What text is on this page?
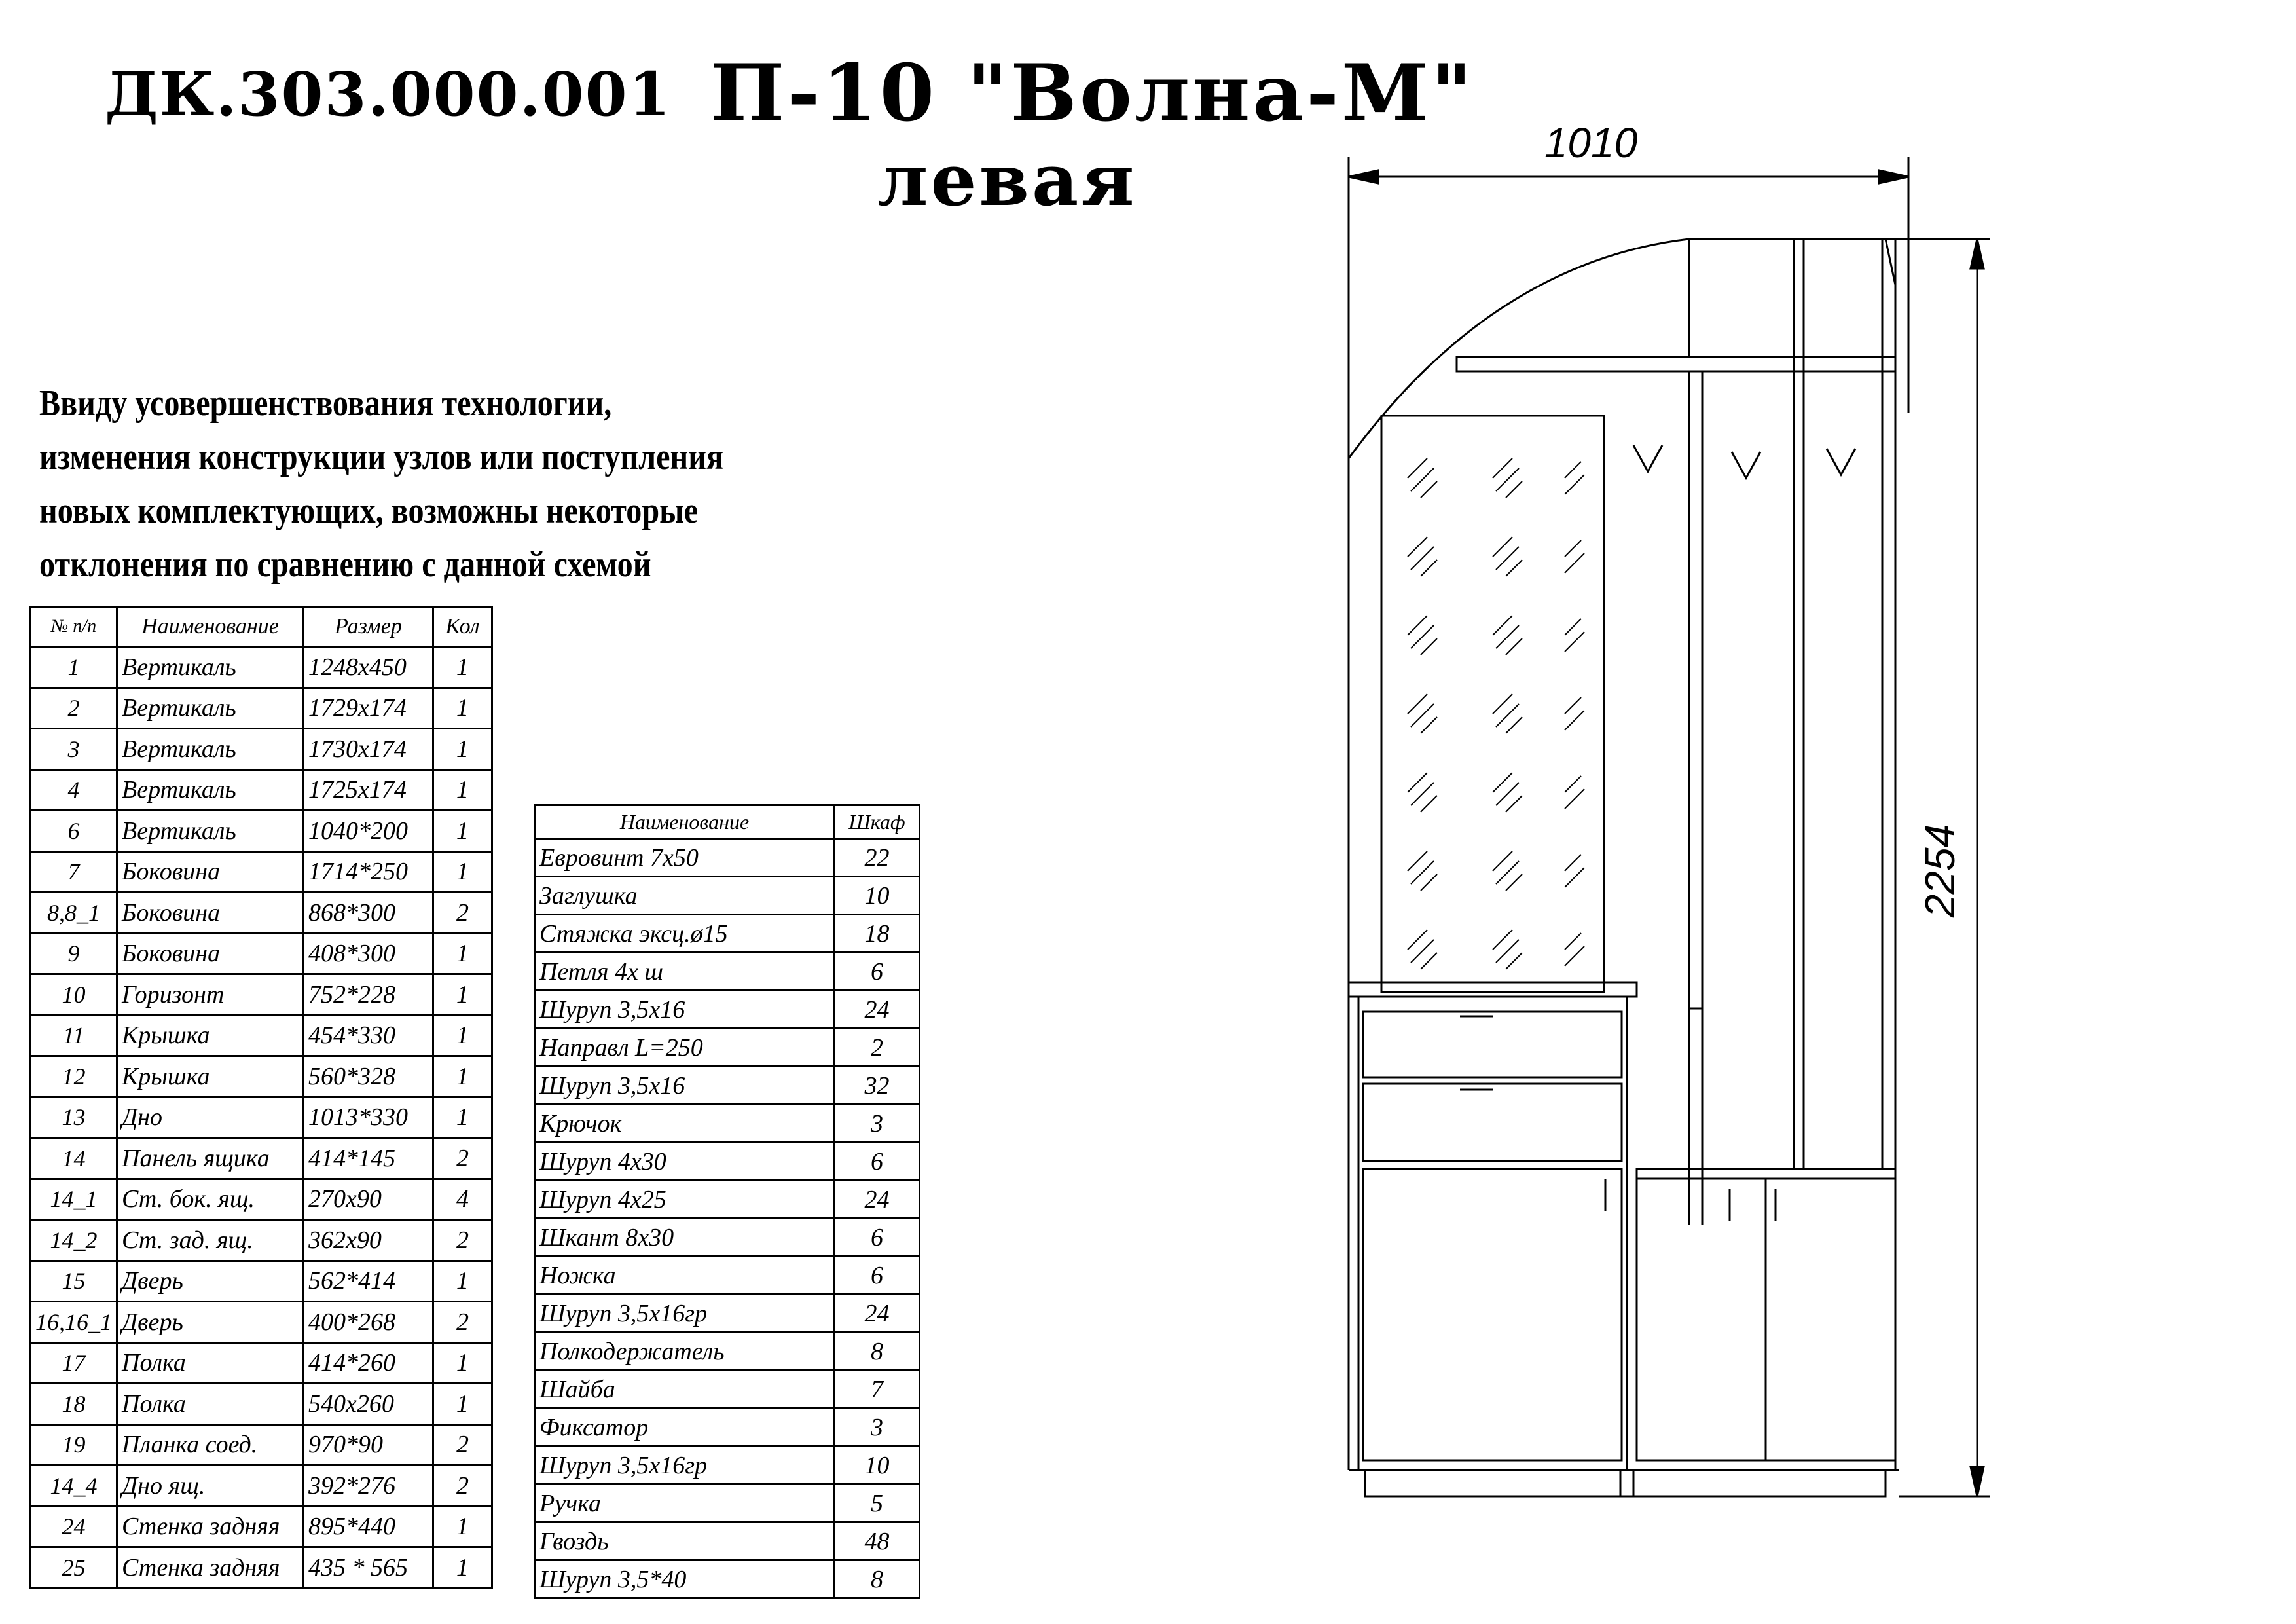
ДК.303.000.001 П-10 "Волна-М"
левая
Ввиду усовершенствования технологии,
изменения конструкции узлов или поступления
новых комплектующих, возможны некоторые
отклонения по сравнению с данной схемой
№ п/п	Наименование	Размер	Кол
1	Вертикаль	1248х450	1
2	Вертикаль	1729х174	1
3	Вертикаль	1730х174	1
4	Вертикаль	1725х174	1
6	Вертикаль	1040*200	1
7	Боковина	1714*250	1
8,8_1	Боковина	868*300	2
9	Боковина	408*300	1
10	Горизонт	752*228	1
11	Крышка	454*330	1
12	Крышка	560*328	1
13	Дно	1013*330	1
14	Панель ящика	414*145	2
14_1	Ст. бок. ящ.	270х90	4
14_2	Ст. зад. ящ.	362х90	2
15	Дверь	562*414	1
16,16_1	Дверь	400*268	2
17	Полка	414*260	1
18	Полка	540х260	1
19	Планка соед.	970*90	2
14_4	Дно ящ.	392*276	2
24	Стенка задняя	895*440	1
25	Стенка задняя	435 * 565	1
Наименование	Шкаф
Евровинт 7х50	22
Заглушка	10
Стяжка эксц.ø15	18
Петля 4х ш	6
Шуруп 3,5х16	24
Направл L=250	2
Шуруп 3,5х16	32
Крючок	3
Шуруп 4х30	6
Шуруп 4х25	24
Шкант 8х30	6
Ножка	6
Шуруп 3,5х16гр	24
Полкодержатель	8
Шайба	7
Фиксатор	3
Шуруп 3,5х16гр	10
Ручка	5
Гвоздь	48
Шуруп 3,5*40	8
1010
2254
